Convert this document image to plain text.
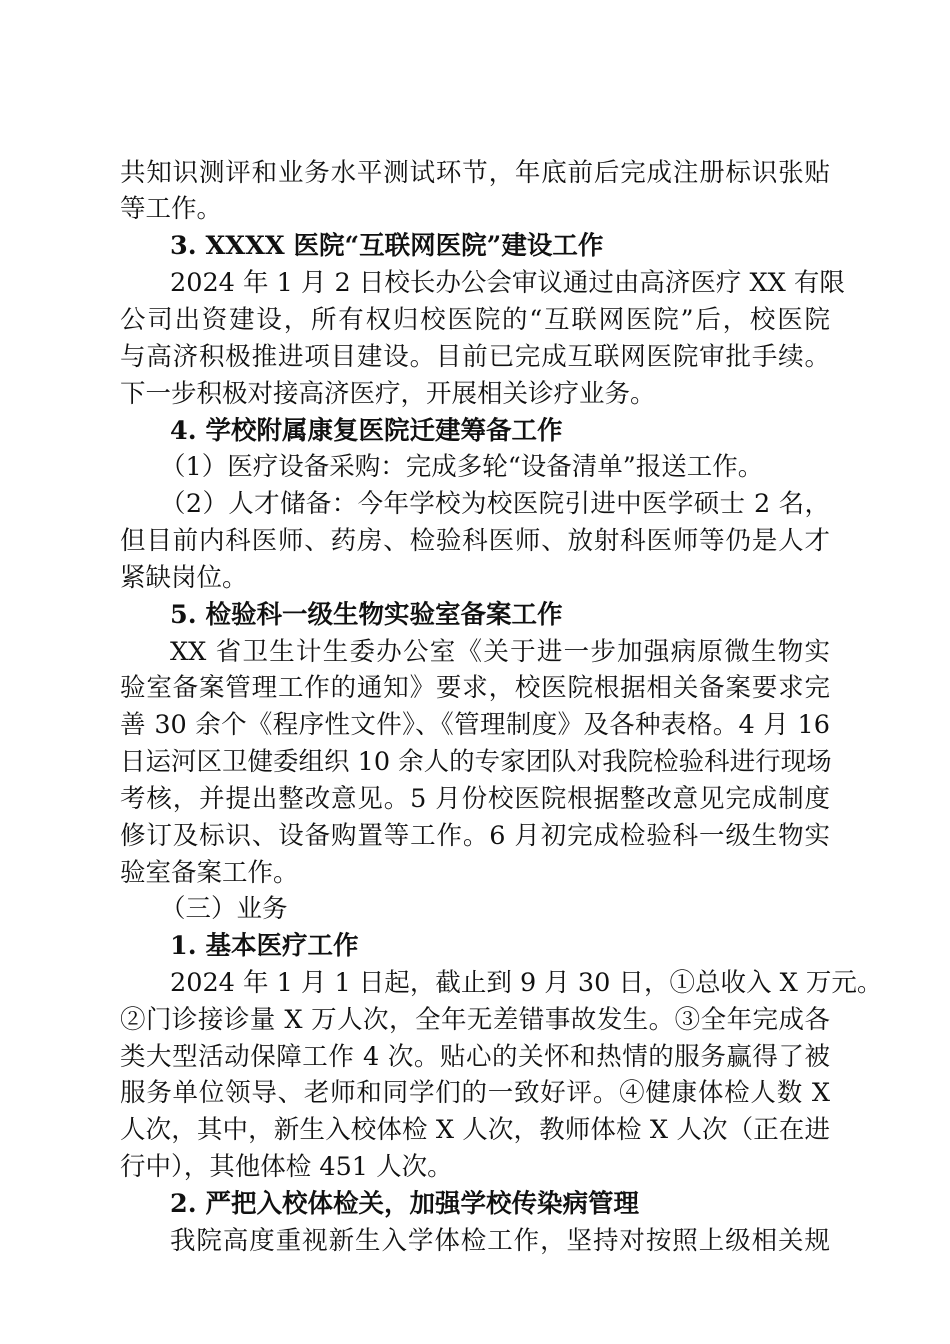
共知识测评和业务水平测试环节，年底前后完成注册标识张贴
等工作。
3. XXXX 医院“互联网医院”建设工作
2024 年 1 月 2 日校长办公会审议通过由高济医疗 XX 有限
公司出资建设，所有权归校医院的“互联网医院”后，校医院
与高济积极推进项目建设。目前已完成互联网医院审批手续。
下一步积极对接高济医疗，开展相关诊疗业务。
4. 学校附属康复医院迁建筹备工作
（1）医疗设备采购：完成多轮“设备清单”报送工作。
（2）人才储备：今年学校为校医院引进中医学硕士 2 名，
但目前内科医师、药房、检验科医师、放射科医师等仍是人才
紧缺岗位。
5. 检验科一级生物实验室备案工作
XX 省卫生计生委办公室《关于进一步加强病原微生物实
验室备案管理工作的通知》要求，校医院根据相关备案要求完
善 30 余个《程序性文件》、《管理制度》及各种表格。4 月 16
日运河区卫健委组织 10 余人的专家团队对我院检验科进行现场
考核，并提出整改意见。5 月份校医院根据整改意见完成制度
修订及标识、设备购置等工作。6 月初完成检验科一级生物实
验室备案工作。
（三）业务
1. 基本医疗工作
2024 年 1 月 1 日起，截止到 9 月 30 日，①总收入 X 万元。
②门诊接诊量 X 万人次，全年无差错事故发生。③全年完成各
类大型活动保障工作 4 次。贴心的关怀和热情的服务赢得了被
服务单位领导、老师和同学们的一致好评。④健康体检人数 X
人次，其中，新生入校体检 X 人次，教师体检 X 人次（正在进
行中），其他体检 451 人次。
2. 严把入校体检关，加强学校传染病管理
我院高度重视新生入学体检工作，坚持对按照上级相关规
